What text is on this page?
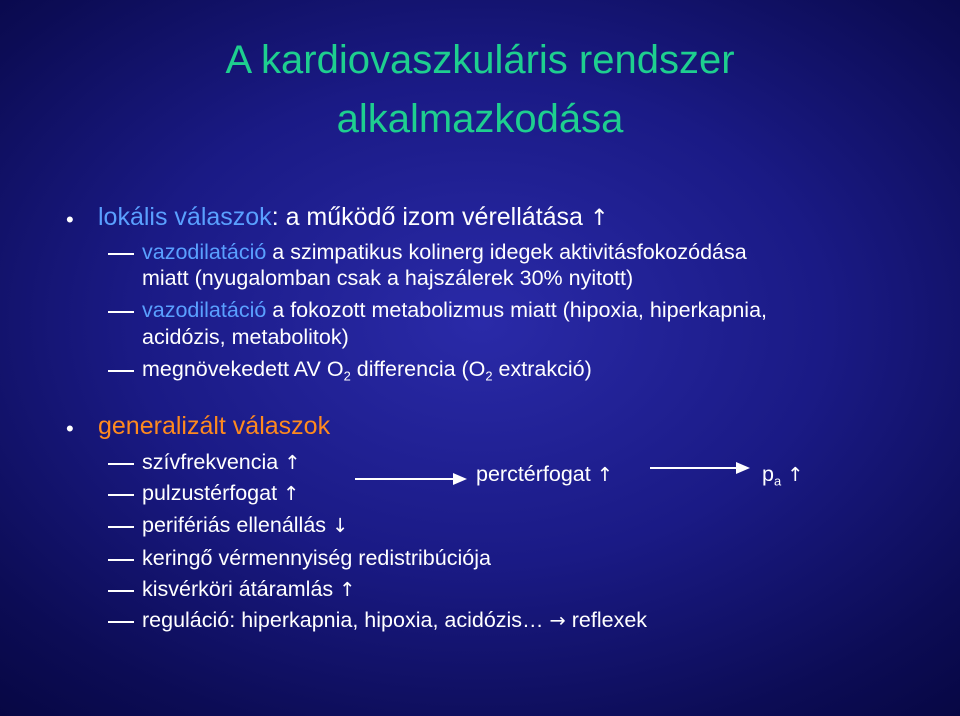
A kardiovaszkuláris rendszer
alkalmazkodása
• lokális válaszok: a működő izom vérellátása ↑
vazodilatáció a szimpatikus kolinerg idegek aktivitásfokozódása
miatt (nyugalomban csak a hajszálerek 30% nyitott)
vazodilatáció a fokozott metabolizmus miatt (hipoxia, hiperkapnia,
acidózis, metabolitok)
megnövekedett AV $O_2$ differencia ($O_2$ extrakció)
• generalizált válaszok
szívfrekvencia ↑
pulzustérfogat ↑
perctérfogat ↑	$p_a$ ↑
perifériás ellenállás ↓
keringő vérmennyiség redistribúciója
kisvérköri átáramlás ↑
reguláció: hiperkapnia, hipoxia, acidózis… → reflexek
